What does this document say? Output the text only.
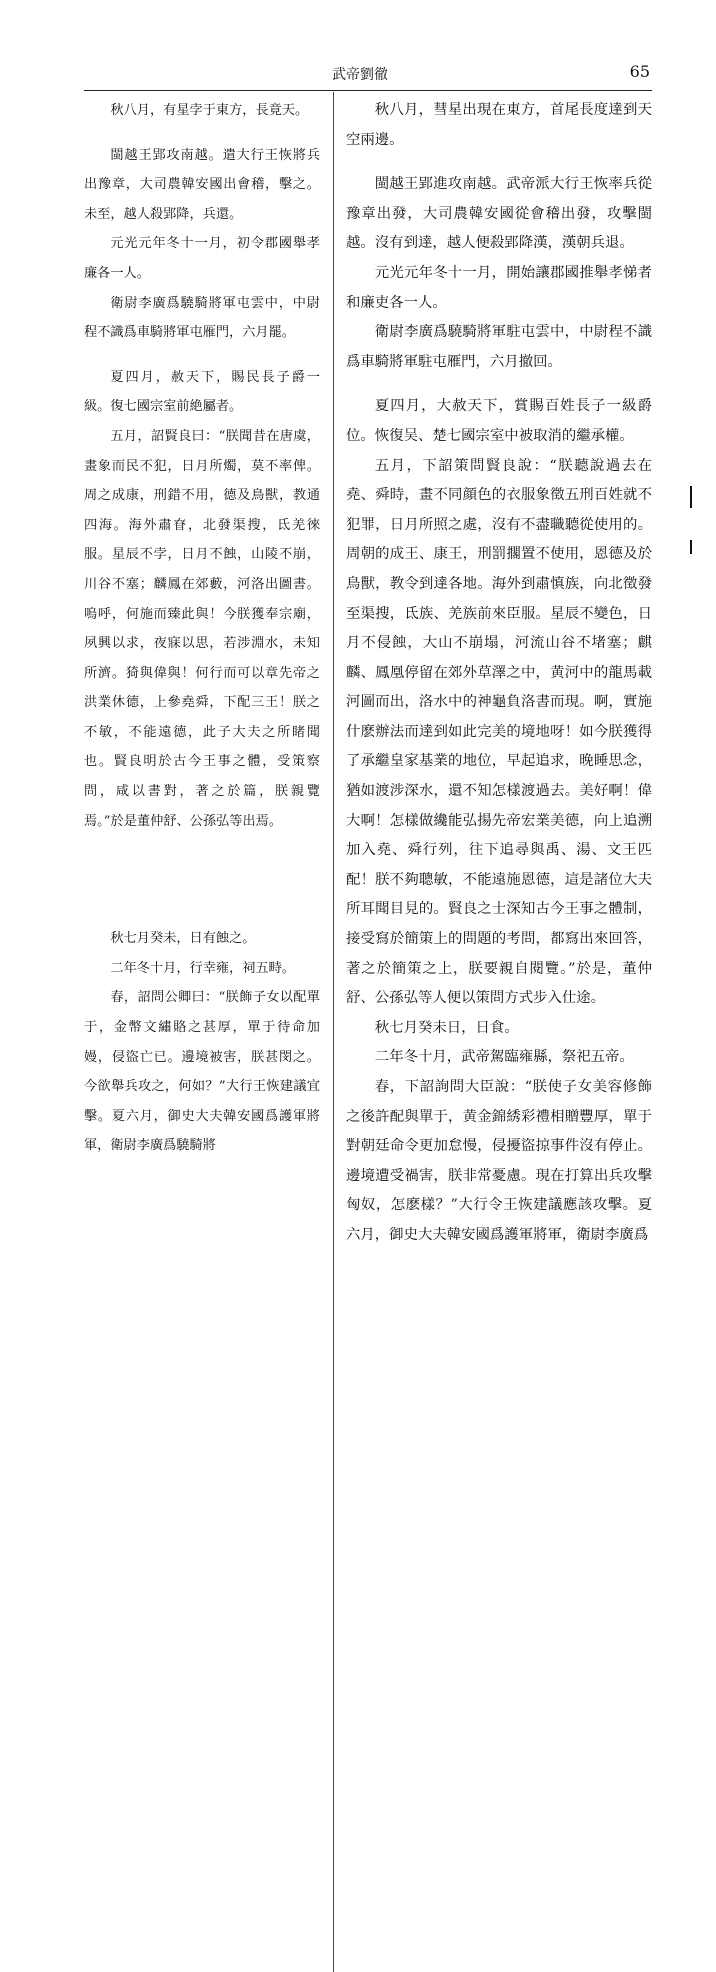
武帝劉徹	65

秋八月，有星孛于東方，長竟天。

閩越王郢攻南越。遣大行王恢將兵出豫章，大司農韓安國出會稽，擊之。未至，越人殺郢降，兵還。

元光元年冬十一月，初令郡國舉孝廉各一人。

衛尉李廣爲驍騎將軍屯雲中，中尉程不識爲車騎將軍屯雁門，六月罷。

夏四月，赦天下，賜民長子爵一級。復七國宗室前絶屬者。

五月，詔賢良曰：“朕聞昔在唐虞，畫象而民不犯，日月所燭，莫不率俾。周之成康，刑錯不用，德及鳥獸，教通四海。海外肅眘，北發渠搜，氐羌徠服。星辰不孛，日月不蝕，山陵不崩，川谷不塞；麟鳳在郊藪，河洛出圖書。嗚呼，何施而臻此與！今朕獲奉宗廟，夙興以求，夜寐以思，若涉淵水，未知所濟。猗與偉與！何行而可以章先帝之洪業休德，上參堯舜，下配三王！朕之不敏，不能遠德，此子大夫之所睹聞也。賢良明於古今王事之體，受策察問，咸以書對，著之於篇，朕親覽焉。”於是董仲舒、公孫弘等出焉。

秋七月癸未，日有蝕之。

二年冬十月，行幸雍，祠五畤。

春，詔問公卿曰：“朕飾子女以配單于，金幣文繡賂之甚厚，單于待命加嫚，侵盜亡已。邊境被害，朕甚閔之。今欲舉兵攻之，何如？”大行王恢建議宜擊。夏六月，御史大夫韓安國爲護軍將軍，衛尉李廣爲驍騎將

秋八月，彗星出現在東方，首尾長度達到天空兩邊。

閩越王郢進攻南越。武帝派大行王恢率兵從豫章出發，大司農韓安國從會稽出發，攻擊閩越。沒有到達，越人便殺郢降漢，漢朝兵退。

元光元年冬十一月，開始讓郡國推舉孝悌者和廉吏各一人。

衛尉李廣爲驍騎將軍駐屯雲中，中尉程不識爲車騎將軍駐屯雁門，六月撤回。

夏四月，大赦天下，賞賜百姓長子一級爵位。恢復吴、楚七國宗室中被取消的繼承權。

五月，下詔策問賢良說：“朕聽說過去在堯、舜時，畫不同顔色的衣服象徵五刑百姓就不犯罪，日月所照之處，沒有不盡職聽從使用的。周朝的成王、康王，刑罰擱置不使用，恩德及於鳥獸，教令到達各地。海外到肅慎族，向北徵發至渠搜，氐族、羌族前來臣服。星辰不變色，日月不侵蝕，大山不崩塌，河流山谷不堵塞；麒麟、鳳凰停留在郊外草澤之中，黄河中的龍馬載河圖而出，洛水中的神龜負洛書而現。啊，實施什麽辦法而達到如此完美的境地呀！如今朕獲得了承繼皇家基業的地位，早起追求，晚睡思念，猶如渡涉深水，還不知怎樣渡過去。美好啊！偉大啊！怎樣做纔能弘揚先帝宏業美德，向上追溯加入堯、舜行列，往下追尋與禹、湯、文王匹配！朕不夠聰敏，不能遠施恩德，這是諸位大夫所耳聞目見的。賢良之士深知古今王事之體制，接受寫於簡策上的問題的考問，都寫出來回答，著之於簡策之上，朕要親自閱覽。”於是，董仲舒、公孫弘等人便以策問方式步入仕途。

秋七月癸未日，日食。

二年冬十月，武帝駕臨雍縣，祭祀五帝。

春，下詔詢問大臣說：“朕使子女美容修飾之後許配與單于，黄金錦綉彩禮相贈豐厚，單于對朝廷命令更加怠慢，侵擾盜掠事件沒有停止。邊境遭受禍害，朕非常憂慮。現在打算出兵攻擊匈奴，怎麽樣？”大行令王恢建議應該攻擊。夏六月，御史大夫韓安國爲護軍將軍，衛尉李廣爲
